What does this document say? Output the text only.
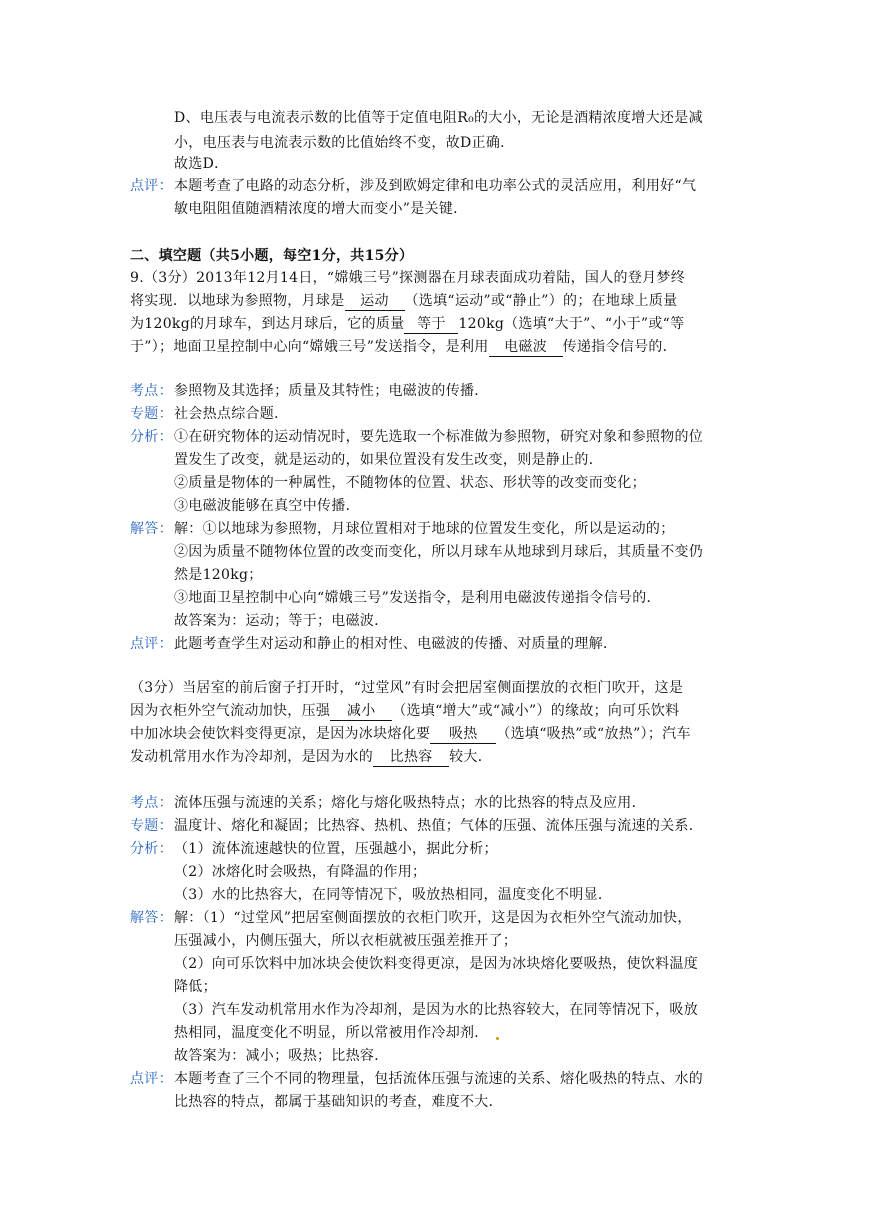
D、电压表与电流表示数的比值等于定值电阻R₀的大小，无论是酒精浓度增大还是减
小，电压表与电流表示数的比值始终不变，故D正确．
故选D．
点评： 本题考查了电路的动态分析，涉及到欧姆定律和电功率公式的灵活应用，利用好“气
敏电阻阻值随酒精浓度的增大而变小”是关键．
二、填空题（共5小题，每空1分，共15分）
9.（3分）2013年12月14日，“嫦娥三号”探测器在月球表面成功着陆，国人的登月梦终
将实现．以地球为参照物，月球是 运动 （选填“运动”或“静止”）的；在地球上质量
为120kg的月球车，到达月球后，它的质量 等于 120kg（选填“大于”、“小于”或“等
于”）；地面卫星控制中心向“嫦娥三号”发送指令，是利用 电磁波 传递指令信号的．
考点： 参照物及其选择；质量及其特性；电磁波的传播．
专题： 社会热点综合题．
分析： ①在研究物体的运动情况时，要先选取一个标准做为参照物，研究对象和参照物的位
置发生了改变，就是运动的，如果位置没有发生改变，则是静止的．
②质量是物体的一种属性，不随物体的位置、状态、形状等的改变而变化；
③电磁波能够在真空中传播．
解答： 解：①以地球为参照物，月球位置相对于地球的位置发生变化，所以是运动的；
②因为质量不随物体位置的改变而变化，所以月球车从地球到月球后，其质量不变仍
然是120kg；
③地面卫星控制中心向“嫦娥三号”发送指令，是利用电磁波传递指令信号的．
故答案为：运动；等于；电磁波．
点评： 此题考查学生对运动和静止的相对性、电磁波的传播、对质量的理解．
（3分）当居室的前后窗子打开时，“过堂风”有时会把居室侧面摆放的衣柜门吹开，这是
因为衣柜外空气流动加快，压强 减小 （选填“增大”或“减小”）的缘故；向可乐饮料
中加冰块会使饮料变得更凉，是因为冰块熔化要 吸热 （选填“吸热”或“放热”）；汽车
发动机常用水作为冷却剂，是因为水的 比热容 较大．
考点： 流体压强与流速的关系；熔化与熔化吸热特点；水的比热容的特点及应用．
专题： 温度计、熔化和凝固；比热容、热机、热值；气体的压强、流体压强与流速的关系．
分析： （1）流体流速越快的位置，压强越小，据此分析；
（2）冰熔化时会吸热，有降温的作用；
（3）水的比热容大，在同等情况下，吸放热相同，温度变化不明显．
解答： 解：（1）“过堂风”把居室侧面摆放的衣柜门吹开，这是因为衣柜外空气流动加快，
压强减小，内侧压强大，所以衣柜就被压强差推开了；
（2）向可乐饮料中加冰块会使饮料变得更凉，是因为冰块熔化要吸热，使饮料温度
降低；
（3）汽车发动机常用水作为冷却剂，是因为水的比热容较大，在同等情况下，吸放
热相同，温度变化不明显，所以常被用作冷却剂．
故答案为：减小；吸热；比热容．
点评： 本题考查了三个不同的物理量，包括流体压强与流速的关系、熔化吸热的特点、水的
比热容的特点，都属于基础知识的考查，难度不大．
